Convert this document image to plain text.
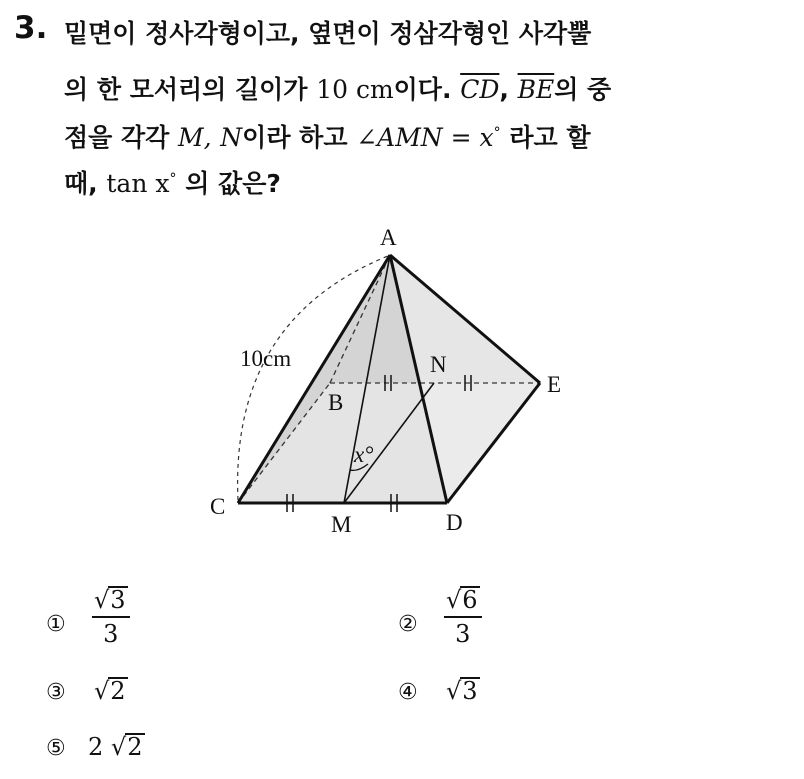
3. 밑면이 정사각형이고, 옆면이 정삼각형인 사각뿔
의 한 모서리의 길이가 10 cm이다. $\overline{CD}$, $\overline{BE}$의 중
점을 각각 M, N이라 하고 ∠AMN = x° 라고 할
때, tan x° 의 값은?
A
B
C
D
E
M
N
10cm
x°
① $\frac{√3}{3}$	② $\frac{√6}{3}$
③ √2	④ √3
⑤ 2 √2
